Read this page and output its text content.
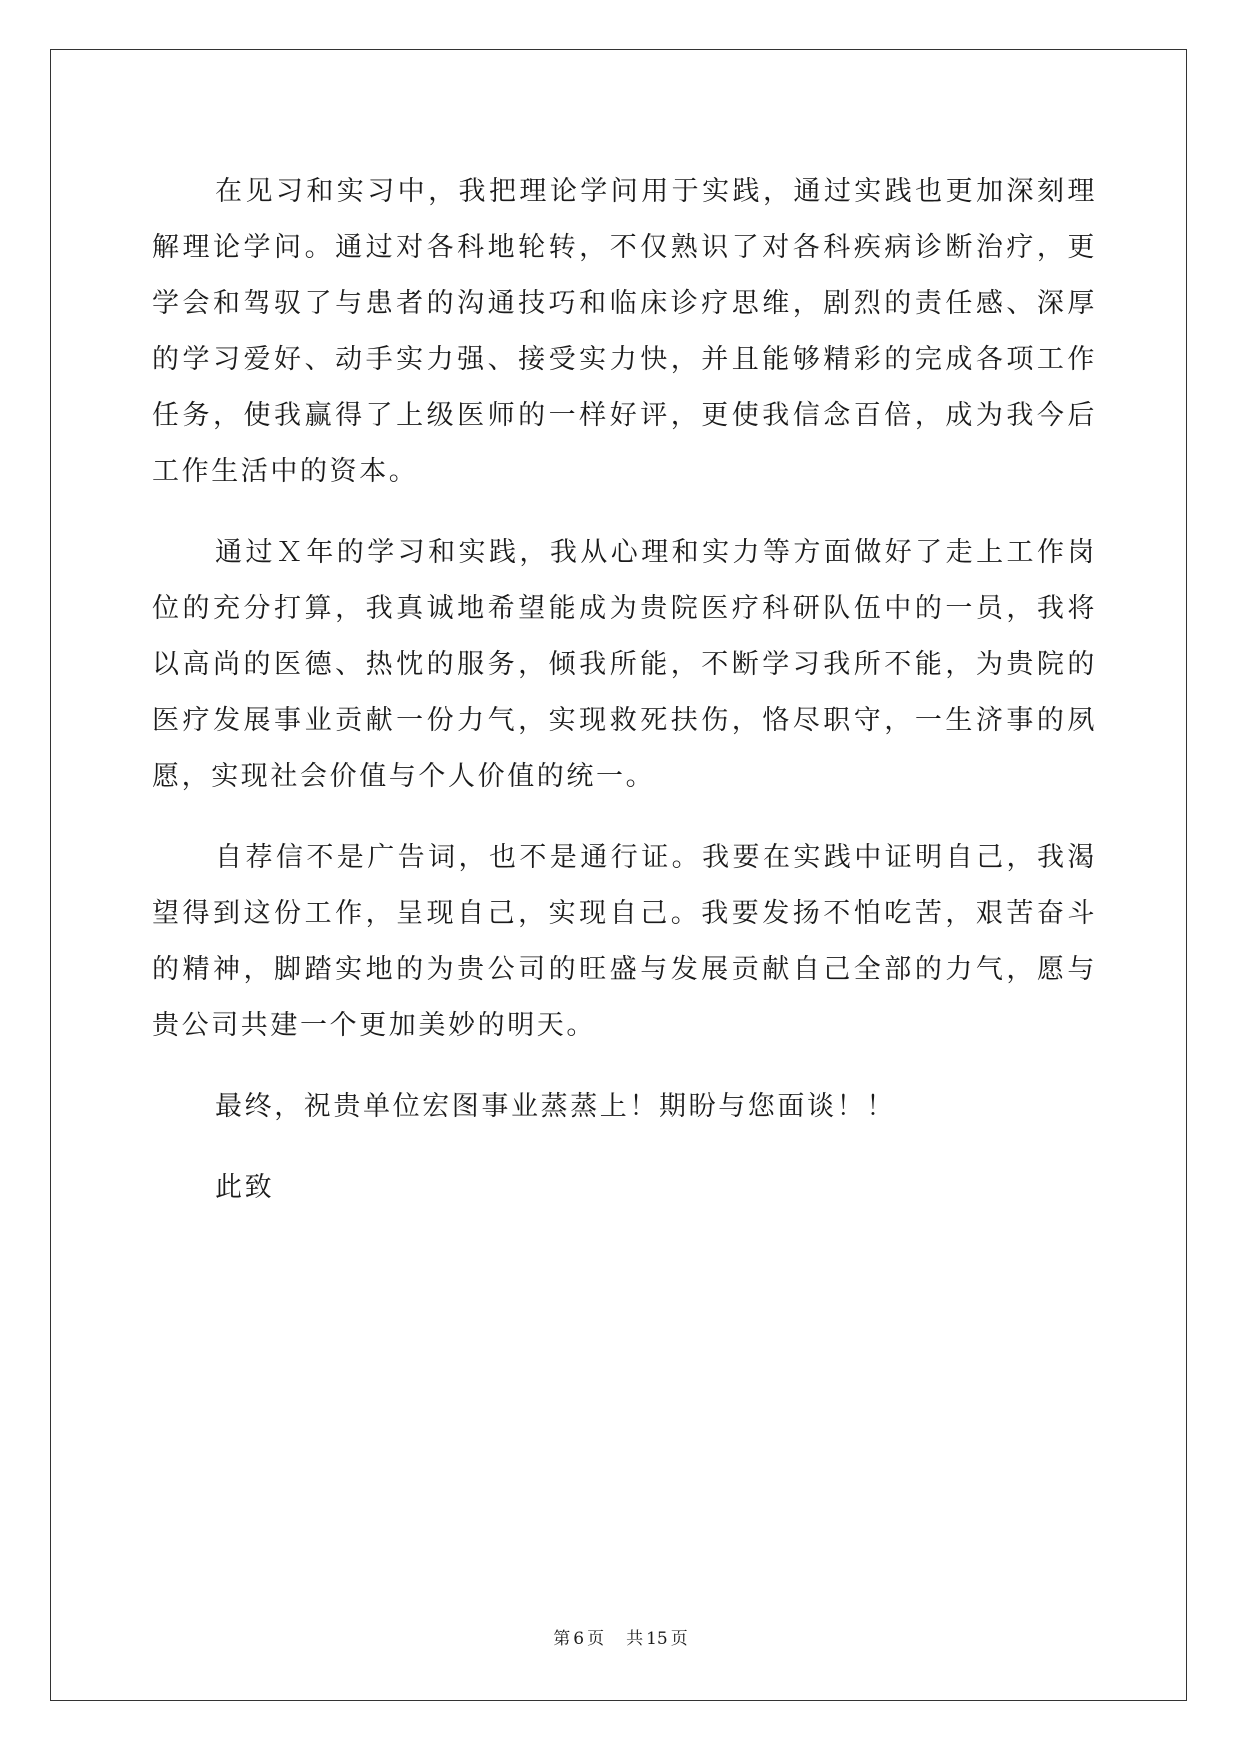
在见习和实习中，我把理论学问用于实践，通过实践也更加深刻理解理论学问。通过对各科地轮转，不仅熟识了对各科疾病诊断治疗，更学会和驾驭了与患者的沟通技巧和临床诊疗思维，剧烈的责任感、深厚的学习爱好、动手实力强、接受实力快，并且能够精彩的完成各项工作任务，使我赢得了上级医师的一样好评，更使我信念百倍，成为我今后工作生活中的资本。

通过Ｘ年的学习和实践，我从心理和实力等方面做好了走上工作岗位的充分打算，我真诚地希望能成为贵院医疗科研队伍中的一员，我将以高尚的医德、热忱的服务，倾我所能，不断学习我所不能，为贵院的医疗发展事业贡献一份力气，实现救死扶伤，恪尽职守，一生济事的夙愿，实现社会价值与个人价值的统一。

自荐信不是广告词，也不是通行证。我要在实践中证明自己，我渴望得到这份工作，呈现自己，实现自己。我要发扬不怕吃苦，艰苦奋斗的精神，脚踏实地的为贵公司的旺盛与发展贡献自己全部的力气，愿与贵公司共建一个更加美妙的明天。

最终，祝贵单位宏图事业蒸蒸上！期盼与您面谈！！

此致

第 6 页 共 15 页
